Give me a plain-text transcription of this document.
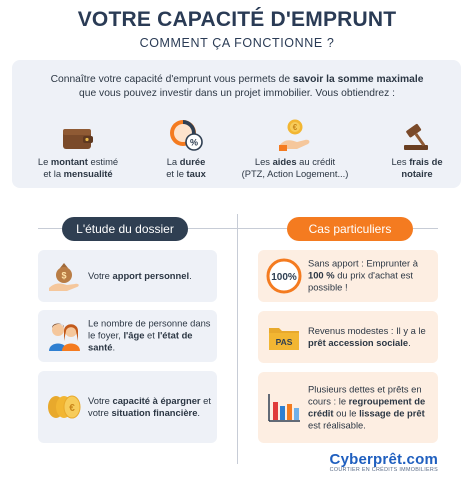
VOTRE CAPACITÉ D'EMPRUNT
COMMENT ÇA FONCTIONNE ?
Connaître votre capacité d'emprunt vous permets de savoir la somme maximale
que vous pouvez investir dans un projet immobilier. Vous obtiendrez :
Le montant estimé
et la mensualité
%
La durée
et le taux
€
Les aides au crédit
(PTZ, Action Logement...)
Les frais de
notaire
L'étude du dossier	Cas particuliers
$ Votre apport personnel.
Le nombre de personne dans le foyer, l'âge et l'état de santé.
€
Votre capacité à épargner et votre situation financière.
100%
Sans apport : Emprunter à 100 % du prix d'achat est possible !
PAS
Revenus modestes : Il y a le prêt accession sociale.
Plusieurs dettes et prêts en cours : le regroupement de crédit ou le lissage de prêt est réalisable.
Cyberprêt.com
COURTIER EN CRÉDITS IMMOBILIERS
